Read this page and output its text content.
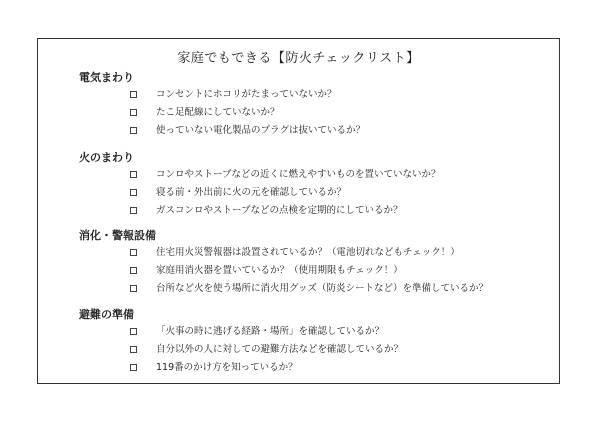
家庭でもできる【防火チェックリスト】
電気まわり
コンセントにホコリがたまっていないか？
たこ足配線にしていないか？
使っていない電化製品のプラグは抜いているか？
火のまわり
コンロやストーブなどの近くに燃えやすいものを置いていないか？
寝る前・外出前に火の元を確認しているか？
ガスコンロやストーブなどの点検を定期的にしているか？
消化・警報設備
住宅用火災警報器は設置されているか？（電池切れなどもチェック！）
家庭用消火器を置いているか？（使用期限もチェック！）
台所など火を使う場所に消火用グッズ（防炎シートなど）を準備しているか？
避難の準備
「火事の時に逃げる経路・場所」を確認しているか？
自分以外の人に対しての避難方法などを確認しているか？
119番のかけ方を知っているか？
